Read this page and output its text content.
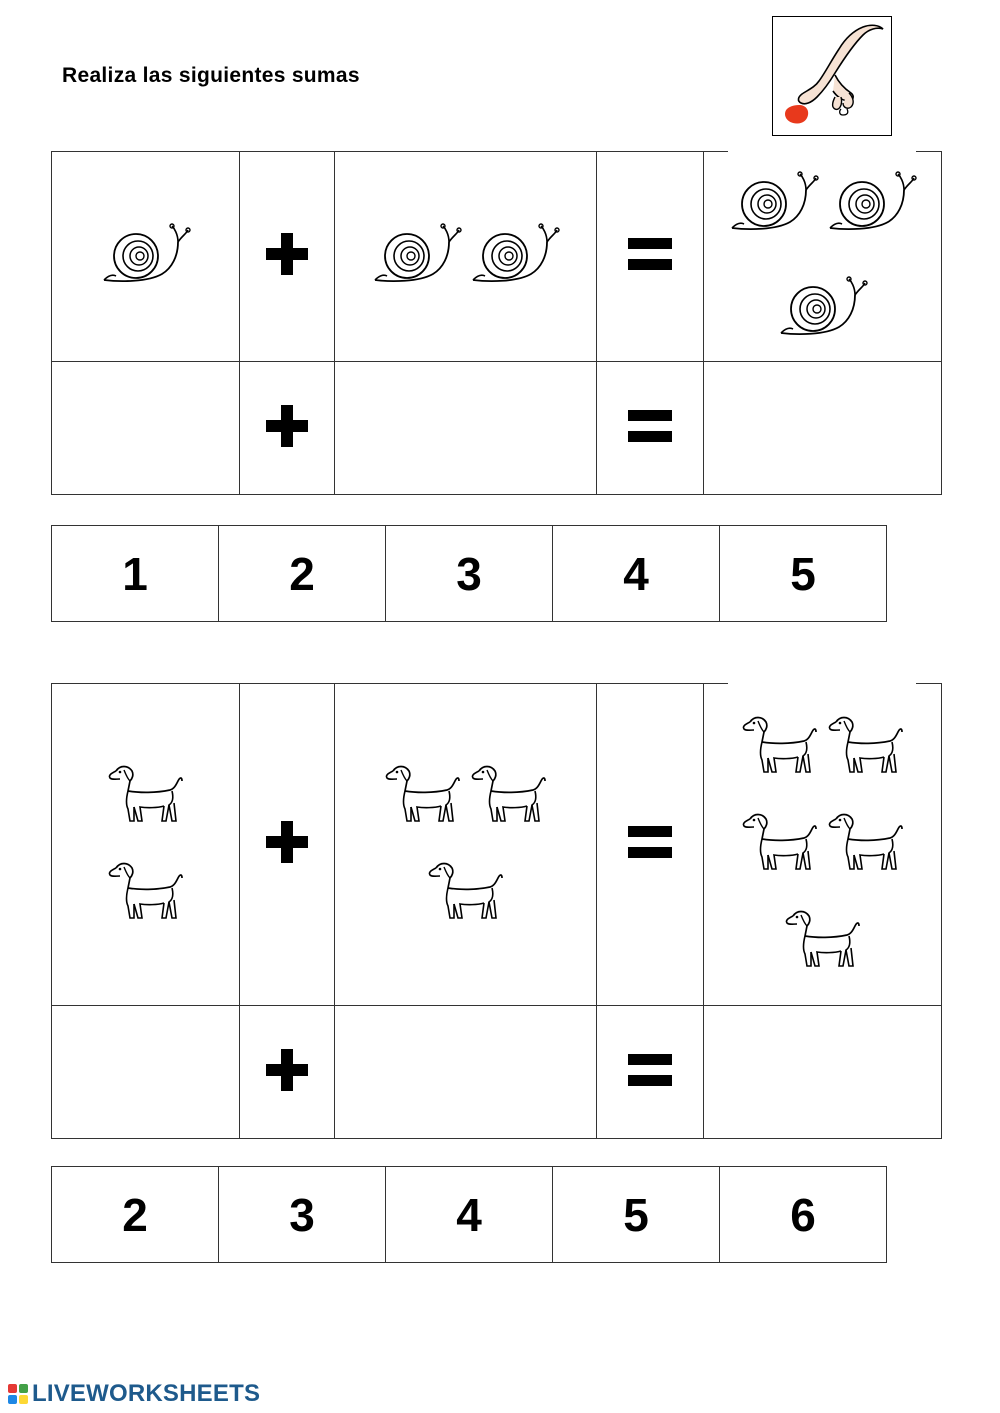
Realiza las siguientes sumas

1	2	3	4	5

2	3	4	5	6
LIVEWORKSHEETS
